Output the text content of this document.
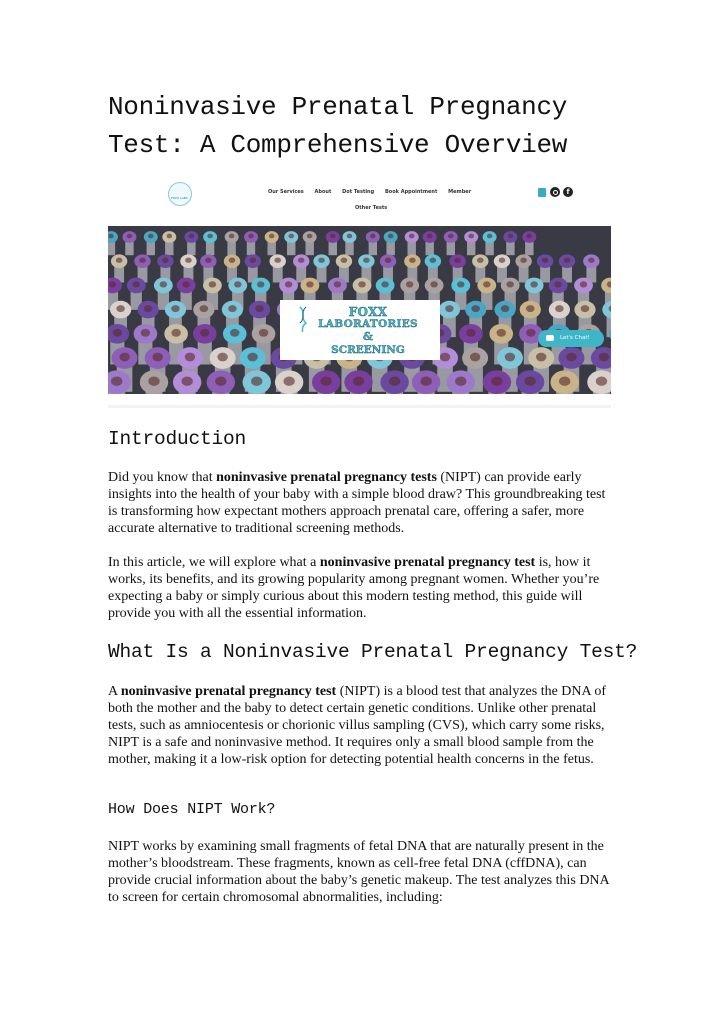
Noninvasive Prenatal Pregnancy
Test: A Comprehensive Overview
FOXX LABS
Our Services About Dot Testing Book Appointment Member
Other Tests
f
FOXX
LABORATORIES
&
SCREENING
Let's Chat!
Introduction

Did you know that noninvasive prenatal pregnancy tests (NIPT) can provide early insights into the health of your baby with a simple blood draw? This groundbreaking test is transforming how expectant mothers approach prenatal care, offering a safer, more accurate alternative to traditional screening methods.

In this article, we will explore what a noninvasive prenatal pregnancy test is, how it works, its benefits, and its growing popularity among pregnant women. Whether you’re expecting a baby or simply curious about this modern testing method, this guide will provide you with all the essential information.

What Is a Noninvasive Prenatal Pregnancy Test?

A noninvasive prenatal pregnancy test (NIPT) is a blood test that analyzes the DNA of both the mother and the baby to detect certain genetic conditions. Unlike other prenatal tests, such as amniocentesis or chorionic villus sampling (CVS), which carry some risks, NIPT is a safe and noninvasive method. It requires only a small blood sample from the mother, making it a low-risk option for detecting potential health concerns in the fetus.

How Does NIPT Work?

NIPT works by examining small fragments of fetal DNA that are naturally present in the mother’s bloodstream. These fragments, known as cell-free fetal DNA (cffDNA), can provide crucial information about the baby’s genetic makeup. The test analyzes this DNA to screen for certain chromosomal abnormalities, including:
